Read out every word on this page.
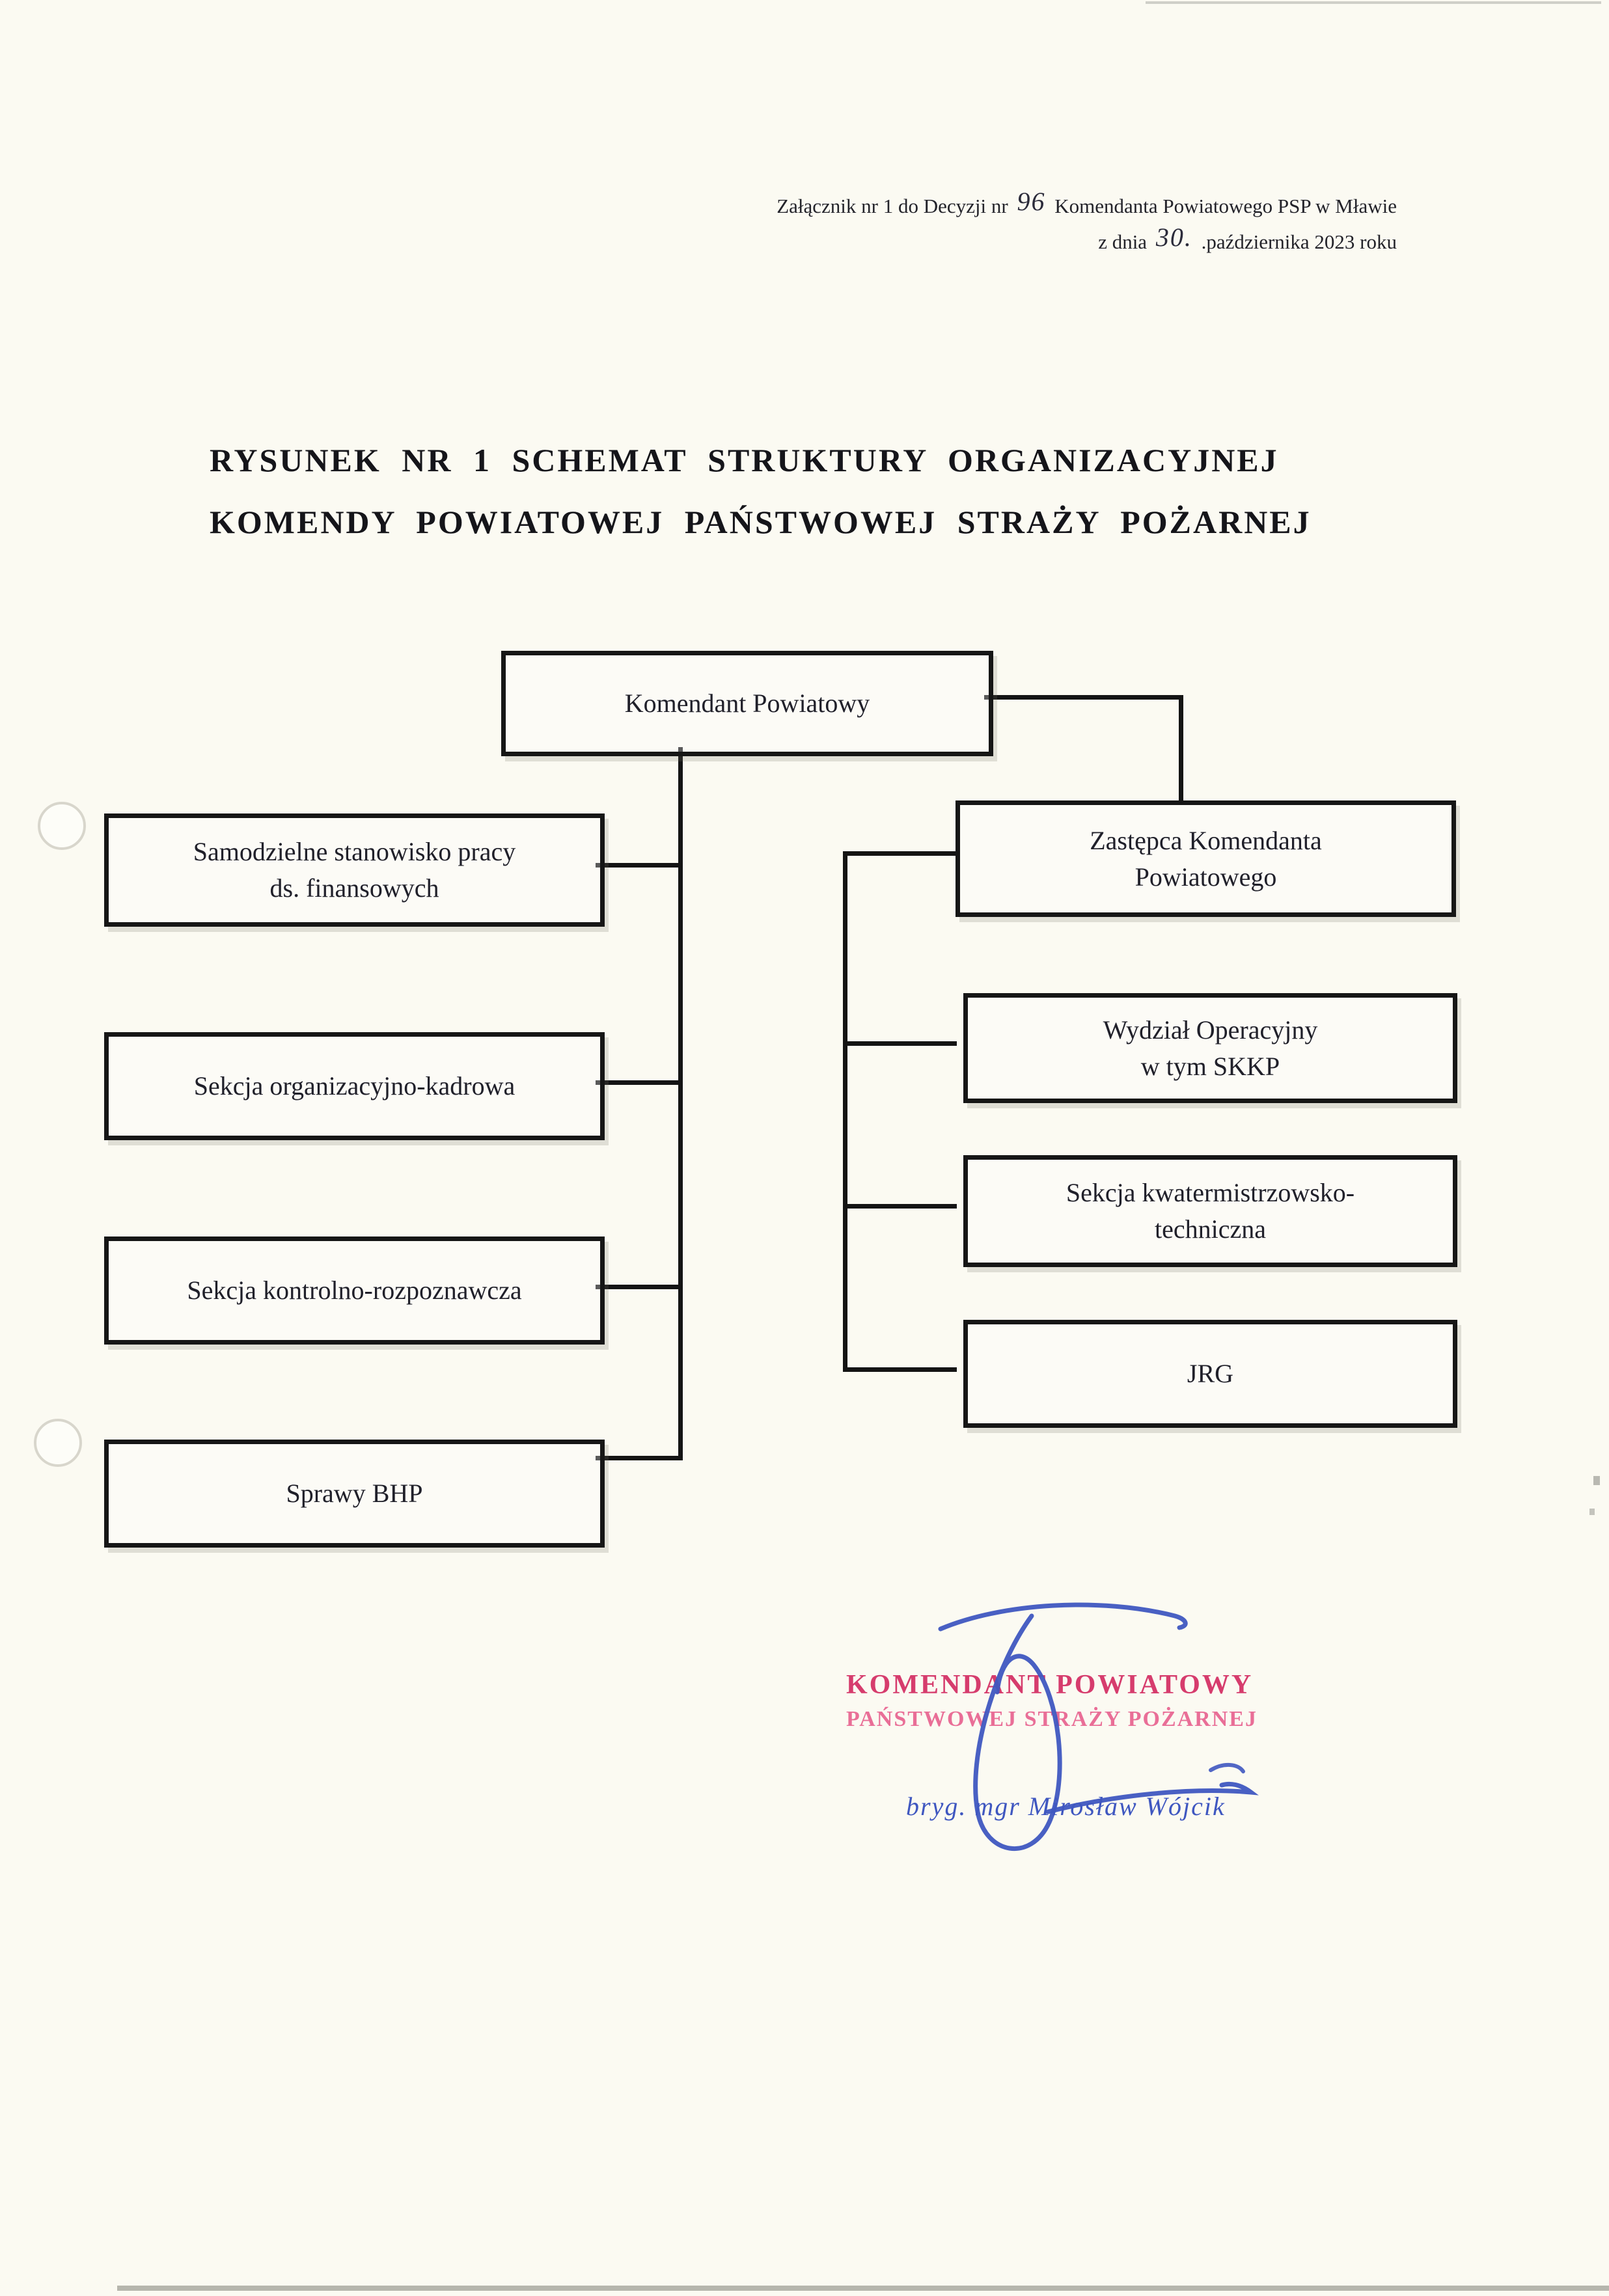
Załącznik nr 1 do Decyzji nr 96 Komendanta Powiatowego PSP w Mławie
z dnia 30. .października 2023 roku
RYSUNEK NR 1 SCHEMAT STRUKTURY ORGANIZACYJNEJ
KOMENDY POWIATOWEJ PAŃSTWOWEJ STRAŻY POŻARNEJ
Komendant Powiatowy
Samodzielne stanowisko pracy
ds. finansowych
Sekcja organizacyjno-kadrowa
Sekcja kontrolno-rozpoznawcza
Sprawy BHP
Zastępca Komendanta
Powiatowego
Wydział Operacyjny
w tym SKKP
Sekcja kwatermistrzowsko-
techniczna
JRG
KOMENDANT POWIATOWY
PAŃSTWOWEJ STRAŻY POŻARNEJ
bryg. mgr Mirosław Wójcik
